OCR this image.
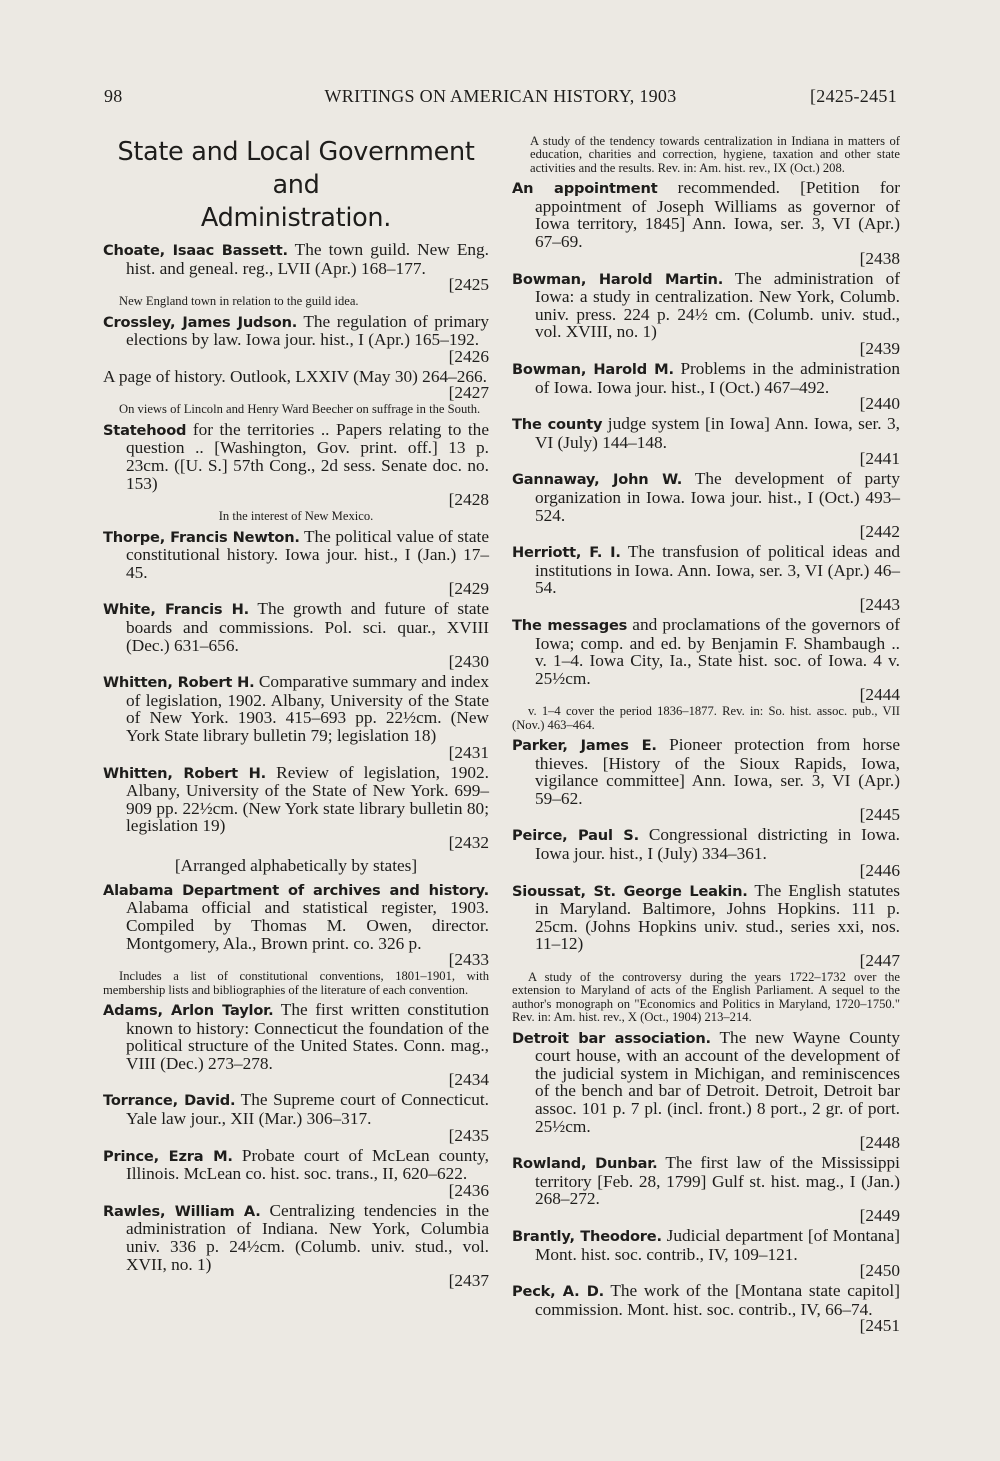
98	WRITINGS ON AMERICAN HISTORY, 1903	[2425-2451
State and Local Government and
Administration.
Choate, Isaac Bassett. The town guild. New Eng. hist. and geneal. reg., LVII (Apr.) 168–177.
[2425
New England town in relation to the guild idea.
Crossley, James Judson. The regulation of primary elections by law. Iowa jour. hist., I (Apr.) 165–192.
[2426
A page of history. Outlook, LXXIV (May 30) 264–266.
[2427
On views of Lincoln and Henry Ward Beecher on suffrage in the South.
Statehood for the territories .. Papers relating to the question .. [Washington, Gov. print. off.] 13 p. 23cm. ([U. S.] 57th Cong., 2d sess. Senate doc. no. 153)
[2428
In the interest of New Mexico.
Thorpe, Francis Newton. The political value of state constitutional history. Iowa jour. hist., I (Jan.) 17–45.
[2429
White, Francis H. The growth and future of state boards and commissions. Pol. sci. quar., XVIII (Dec.) 631–656.
[2430
Whitten, Robert H. Comparative summary and index of legislation, 1902. Albany, University of the State of New York. 1903. 415–693 pp. 22½cm. (New York State library bulletin 79; legislation 18)
[2431
Whitten, Robert H. Review of legislation, 1902. Albany, University of the State of New York. 699–909 pp. 22½cm. (New York state library bulletin 80; legislation 19)
[2432
[Arranged alphabetically by states]
Alabama Department of archives and history. Alabama official and statistical register, 1903. Compiled by Thomas M. Owen, director. Montgomery, Ala., Brown print. co. 326 p.
[2433
Includes a list of constitutional conventions, 1801–1901, with membership lists and bibliographies of the literature of each convention.
Adams, Arlon Taylor. The first written constitution known to history: Connecticut the foundation of the political structure of the United States. Conn. mag., VIII (Dec.) 273–278.
[2434
Torrance, David. The Supreme court of Connecticut. Yale law jour., XII (Mar.) 306–317.
[2435
Prince, Ezra M. Probate court of McLean county, Illinois. McLean co. hist. soc. trans., II, 620–622.
[2436
Rawles, William A. Centralizing tendencies in the administration of Indiana. New York, Columbia univ. 336 p. 24½cm. (Columb. univ. stud., vol. XVII, no. 1)
[2437
A study of the tendency towards centralization in Indiana in matters of education, charities and correction, hygiene, taxation and other state activities and the results. Rev. in: Am. hist. rev., IX (Oct.) 208.
An appointment recommended. [Petition for appointment of Joseph Williams as governor of Iowa territory, 1845] Ann. Iowa, ser. 3, VI (Apr.) 67–69.
[2438
Bowman, Harold Martin. The administration of Iowa: a study in centralization. New York, Columb. univ. press. 224 p. 24½ cm. (Columb. univ. stud., vol. XVIII, no. 1)
[2439
Bowman, Harold M. Problems in the administration of Iowa. Iowa jour. hist., I (Oct.) 467–492.
[2440
The county judge system [in Iowa] Ann. Iowa, ser. 3, VI (July) 144–148.
[2441
Gannaway, John W. The development of party organization in Iowa. Iowa jour. hist., I (Oct.) 493–524.
[2442
Herriott, F. I. The transfusion of political ideas and institutions in Iowa. Ann. Iowa, ser. 3, VI (Apr.) 46–54.
[2443
The messages and proclamations of the governors of Iowa; comp. and ed. by Benjamin F. Shambaugh .. v. 1–4. Iowa City, Ia., State hist. soc. of Iowa. 4 v. 25½cm.
[2444
v. 1–4 cover the period 1836–1877. Rev. in: So. hist. assoc. pub., VII (Nov.) 463–464.
Parker, James E. Pioneer protection from horse thieves. [History of the Sioux Rapids, Iowa, vigilance committee] Ann. Iowa, ser. 3, VI (Apr.) 59–62.
[2445
Peirce, Paul S. Congressional districting in Iowa. Iowa jour. hist., I (July) 334–361.
[2446
Sioussat, St. George Leakin. The English statutes in Maryland. Baltimore, Johns Hopkins. 111 p. 25cm. (Johns Hopkins univ. stud., series xxi, nos. 11–12)
[2447
A study of the controversy during the years 1722–1732 over the extension to Maryland of acts of the English Parliament. A sequel to the author's monograph on "Economics and Politics in Maryland, 1720–1750." Rev. in: Am. hist. rev., X (Oct., 1904) 213–214.
Detroit bar association. The new Wayne County court house, with an account of the development of the judicial system in Michigan, and reminiscences of the bench and bar of Detroit. Detroit, Detroit bar assoc. 101 p. 7 pl. (incl. front.) 8 port., 2 gr. of port. 25½cm.
[2448
Rowland, Dunbar. The first law of the Mississippi territory [Feb. 28, 1799] Gulf st. hist. mag., I (Jan.) 268–272.
[2449
Brantly, Theodore. Judicial department [of Montana] Mont. hist. soc. contrib., IV, 109–121.
[2450
Peck, A. D. The work of the [Montana state capitol] commission. Mont. hist. soc. contrib., IV, 66–74.
[2451
